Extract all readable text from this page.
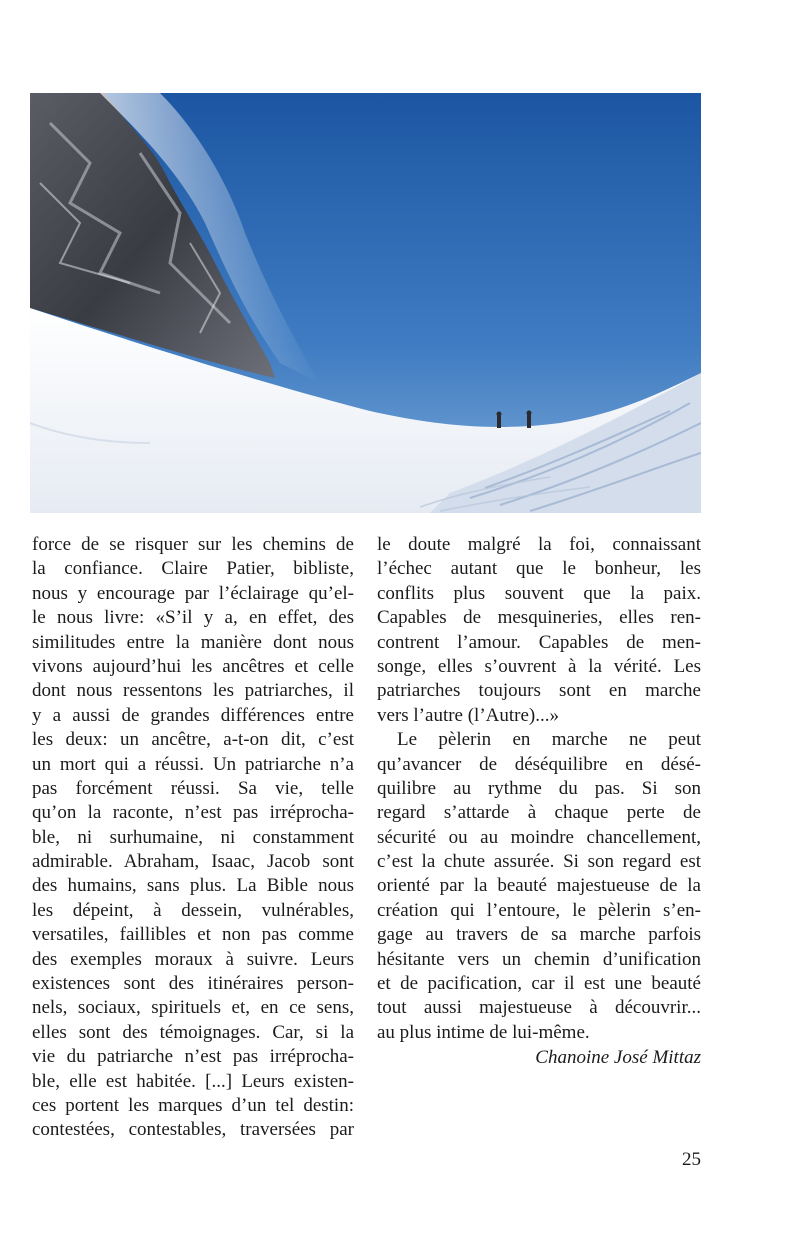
force de se risquer sur les chemins de
la confiance. Claire Patier, bibliste,
nous y encourage par l’éclairage qu’el-
le nous livre: «S’il y a, en effet, des
similitudes entre la manière dont nous
vivons aujourd’hui les ancêtres et celle
dont nous ressentons les patriarches, il
y a aussi de grandes différences entre
les deux: un ancêtre, a-t-on dit, c’est
un mort qui a réussi. Un patriarche n’a
pas forcément réussi. Sa vie, telle
qu’on la raconte, n’est pas irréprocha-
ble, ni surhumaine, ni constamment
admirable. Abraham, Isaac, Jacob sont
des humains, sans plus. La Bible nous
les dépeint, à dessein, vulnérables,
versatiles, faillibles et non pas comme
des exemples moraux à suivre. Leurs
existences sont des itinéraires person-
nels, sociaux, spirituels et, en ce sens,
elles sont des témoignages. Car, si la
vie du patriarche n’est pas irréprocha-
ble, elle est habitée. [...] Leurs existen-
ces portent les marques d’un tel destin:
contestées, contestables, traversées par
le doute malgré la foi, connaissant
l’échec autant que le bonheur, les
conflits plus souvent que la paix.
Capables de mesquineries, elles ren-
contrent l’amour. Capables de men-
songe, elles s’ouvrent à la vérité. Les
patriarches toujours sont en marche
vers l’autre (l’Autre)...»
Le pèlerin en marche ne peut
qu’avancer de déséquilibre en désé-
quilibre au rythme du pas. Si son
regard s’attarde à chaque perte de
sécurité ou au moindre chancellement,
c’est la chute assurée. Si son regard est
orienté par la beauté majestueuse de la
création qui l’entoure, le pèlerin s’en-
gage au travers de sa marche parfois
hésitante vers un chemin d’unification
et de pacification, car il est une beauté
tout aussi majestueuse à découvrir...
au plus intime de lui-même.
Chanoine José Mittaz
25
